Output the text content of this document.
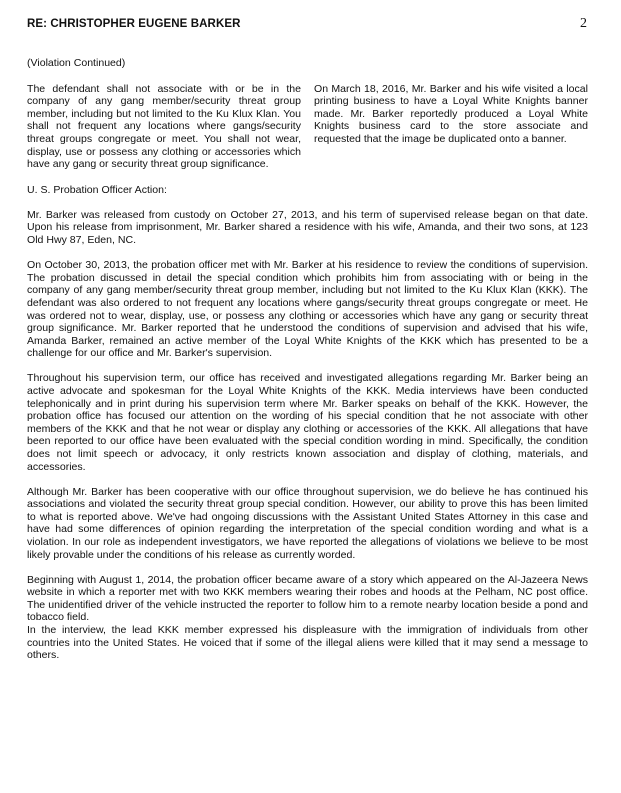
RE: CHRISTOPHER EUGENE BARKER	2

(Violation Continued)

The defendant shall not associate with or be in the company of any gang member/security threat group member, including but not limited to the Ku Klux Klan. You shall not frequent any locations where gangs/security threat groups congregate or meet. You shall not wear, display, use or possess any clothing or accessories which have any gang or security threat group significance.

On March 18, 2016, Mr. Barker and his wife visited a local printing business to have a Loyal White Knights banner made. Mr. Barker reportedly produced a Loyal White Knights business card to the store associate and requested that the image be duplicated onto a banner.

U. S. Probation Officer Action:

Mr. Barker was released from custody on October 27, 2013, and his term of supervised release began on that date. Upon his release from imprisonment, Mr. Barker shared a residence with his wife, Amanda, and their two sons, at 123 Old Hwy 87, Eden, NC.

On October 30, 2013, the probation officer met with Mr. Barker at his residence to review the conditions of supervision. The probation discussed in detail the special condition which prohibits him from associating with or being in the company of any gang member/security threat group member, including but not limited to the Ku Klux Klan (KKK). The defendant was also ordered to not frequent any locations where gangs/security threat groups congregate or meet. He was ordered not to wear, display, use, or possess any clothing or accessories which have any gang or security threat group significance. Mr. Barker reported that he understood the conditions of supervision and advised that his wife, Amanda Barker, remained an active member of the Loyal White Knights of the KKK which has presented to be a challenge for our office and Mr. Barker's supervision.

Throughout his supervision term, our office has received and investigated allegations regarding Mr. Barker being an active advocate and spokesman for the Loyal White Knights of the KKK. Media interviews have been conducted telephonically and in print during his supervision term where Mr. Barker speaks on behalf of the KKK. However, the probation office has focused our attention on the wording of his special condition that he not associate with other members of the KKK and that he not wear or display any clothing or accessories of the KKK. All allegations that have been reported to our office have been evaluated with the special condition wording in mind. Specifically, the condition does not limit speech or advocacy, it only restricts known association and display of clothing, materials, and accessories.

Although Mr. Barker has been cooperative with our office throughout supervision, we do believe he has continued his associations and violated the security threat group special condition. However, our ability to prove this has been limited to what is reported above. We've had ongoing discussions with the Assistant United States Attorney in this case and have had some differences of opinion regarding the interpretation of the special condition wording and what is a violation. In our role as independent investigators, we have reported the allegations of violations we believe to be most likely provable under the conditions of his release as currently worded.

Beginning with August 1, 2014, the probation officer became aware of a story which appeared on the Al-Jazeera News website in which a reporter met with two KKK members wearing their robes and hoods at the Pelham, NC post office. The unidentified driver of the vehicle instructed the reporter to follow him to a remote nearby location beside a pond and tobacco field.

In the interview, the lead KKK member expressed his displeasure with the immigration of individuals from other countries into the United States. He voiced that if some of the illegal aliens were killed that it may send a message to others.
